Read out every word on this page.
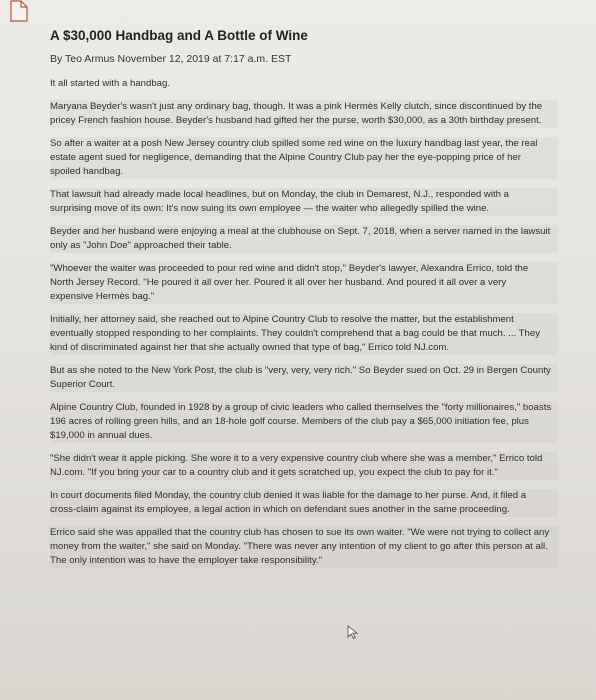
A $30,000 Handbag and A Bottle of Wine
By Teo Armus November 12, 2019 at 7:17 a.m. EST

It all started with a handbag.

Maryana Beyder's wasn't just any ordinary bag, though. It was a pink Hermès Kelly clutch, since discontinued by the pricey French fashion house. Beyder's husband had gifted her the purse, worth $30,000, as a 30th birthday present.

So after a waiter at a posh New Jersey country club spilled some red wine on the luxury handbag last year, the real estate agent sued for negligence, demanding that the Alpine Country Club pay her the eye-popping price of her spoiled handbag.

That lawsuit had already made local headlines, but on Monday, the club in Demarest, N.J., responded with a surprising move of its own: It's now suing its own employee — the waiter who allegedly spilled the wine.

Beyder and her husband were enjoying a meal at the clubhouse on Sept. 7, 2018, when a server named in the lawsuit only as "John Doe" approached their table.

"Whoever the waiter was proceeded to pour red wine and didn't stop," Beyder's lawyer, Alexandra Errico, told the North Jersey Record. "He poured it all over her. Poured it all over her husband. And poured it all over a very expensive Hermès bag."

Initially, her attorney said, she reached out to Alpine Country Club to resolve the matter, but the establishment eventually stopped responding to her complaints. They couldn't comprehend that a bag could be that much. ... They kind of discriminated against her that she actually owned that type of bag," Errico told NJ.com.

But as she noted to the New York Post, the club is "very, very, very rich." So Beyder sued on Oct. 29 in Bergen County Superior Court.

Alpine Country Club, founded in 1928 by a group of civic leaders who called themselves the "forty millionaires," boasts 196 acres of rolling green hills, and an 18-hole golf course. Members of the club pay a $65,000 initiation fee, plus $19,000 in annual dues.

"She didn't wear it apple picking. She wore it to a very expensive country club where she was a member," Errico told NJ.com. "If you bring your car to a country club and it gets scratched up, you expect the club to pay for it."

In court documents filed Monday, the country club denied it was liable for the damage to her purse. And, it filed a cross-claim against its employee, a legal action in which on defendant sues another in the same proceeding.

Errico said she was appalled that the country club has chosen to sue its own waiter. "We were not trying to collect any money from the waiter," she said on Monday. "There was never any intention of my client to go after this person at all. The only intention was to have the employer take responsibility."
